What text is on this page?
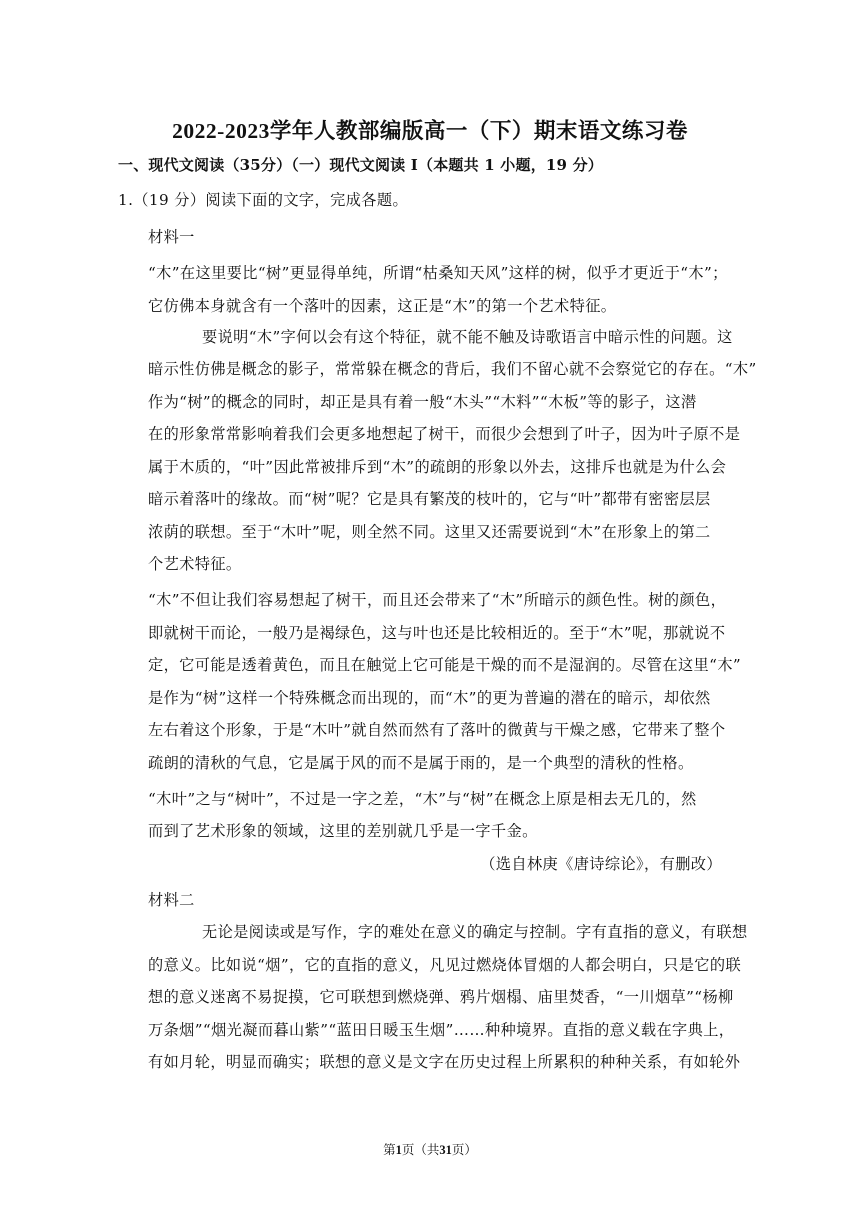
2022-2023学年人教部编版高一（下）期末语文练习卷
一、现代文阅读（35分）（一）现代文阅读 I（本题共 1 小题，19 分）
1.（19 分）阅读下面的文字，完成各题。
材料一
“木”在这里要比“树”更显得单纯，所谓“枯桑知天风”这样的树，似乎才更近于“木”；
它仿佛本身就含有一个落叶的因素，这正是“木”的第一个艺术特征。
要说明“木”字何以会有这个特征，就不能不触及诗歌语言中暗示性的问题。这
暗示性仿佛是概念的影子，常常躲在概念的背后，我们不留心就不会察觉它的存在。“木”
作为“树”的概念的同时，却正是具有着一般“木头”“木料”“木板”等的影子，这潜
在的形象常常影响着我们会更多地想起了树干，而很少会想到了叶子，因为叶子原不是
属于木质的，“叶”因此常被排斥到“木”的疏朗的形象以外去，这排斥也就是为什么会
暗示着落叶的缘故。而“树”呢？它是具有繁茂的枝叶的，它与“叶”都带有密密层层
浓荫的联想。至于“木叶”呢，则全然不同。这里又还需要说到“木”在形象上的第二
个艺术特征。
“木”不但让我们容易想起了树干，而且还会带来了“木”所暗示的颜色性。树的颜色，
即就树干而论，一般乃是褐绿色，这与叶也还是比较相近的。至于“木”呢，那就说不
定，它可能是透着黄色，而且在触觉上它可能是干燥的而不是湿润的。尽管在这里“木”
是作为“树”这样一个特殊概念而出现的，而“木”的更为普遍的潜在的暗示，却依然
左右着这个形象，于是“木叶”就自然而然有了落叶的微黄与干燥之感，它带来了整个
疏朗的清秋的气息，它是属于风的而不是属于雨的，是一个典型的清秋的性格。
“木叶”之与“树叶”，不过是一字之差，“木”与“树”在概念上原是相去无几的，然
而到了艺术形象的领域，这里的差别就几乎是一字千金。
（选自林庚《唐诗综论》，有删改）
材料二
无论是阅读或是写作，字的难处在意义的确定与控制。字有直指的意义，有联想
的意义。比如说“烟”，它的直指的意义，凡见过燃烧体冒烟的人都会明白，只是它的联
想的意义迷离不易捉摸，它可联想到燃烧弹、鸦片烟榻、庙里焚香，“一川烟草”“杨柳
万条烟”“烟光凝而暮山紫”“蓝田日暖玉生烟”……种种境界。直指的意义载在字典上，
有如月轮，明显而确实；联想的意义是文字在历史过程上所累积的种种关系，有如轮外
第1页（共31页）
